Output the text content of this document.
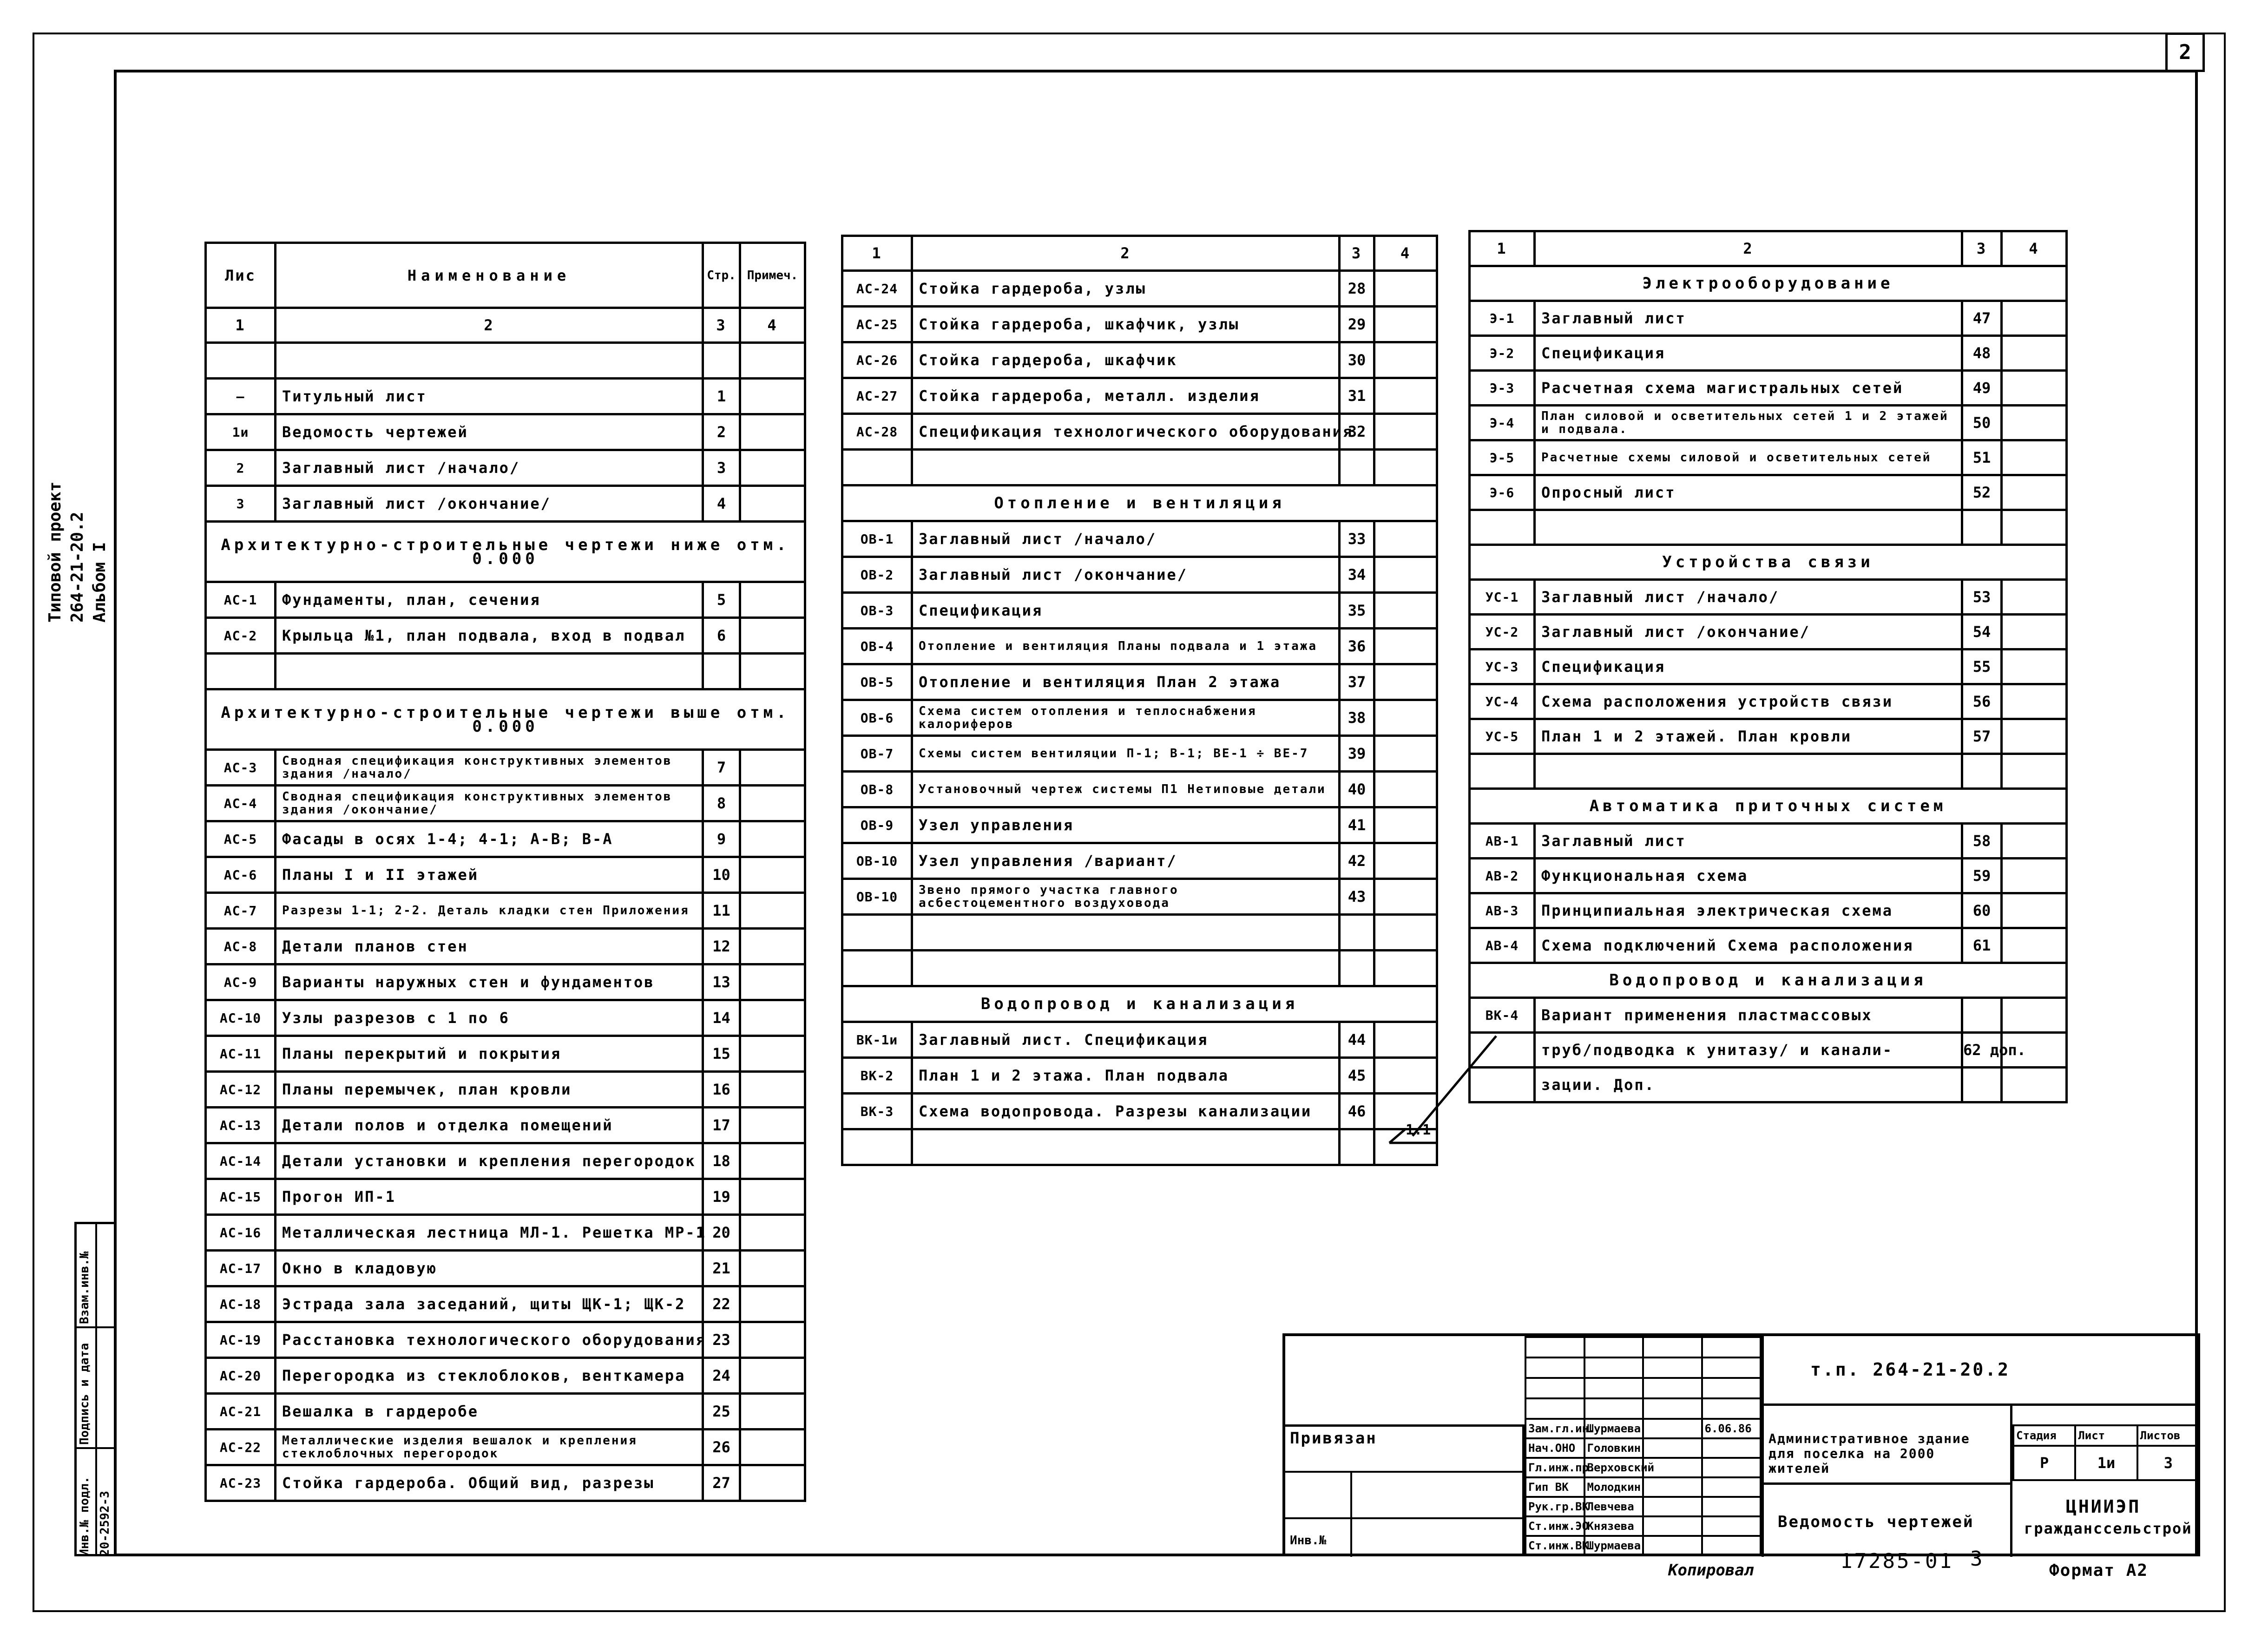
2
Типовой проект 264-21-20.2 Альбом I
Инв.№ подл. 20-2592-3
Подпись и дата
Взам.инв.№
Лис	Наименование	Стр.	Примеч.
1	2	3	4

—	Титульный лист	1	
1и	Ведомость чертежей	2	
2	Заглавный лист /начало/	3	
3	Заглавный лист /окончание/	4	
Архитектурно-строительные чертежи ниже отм. 0.000			
АС-1	Фундаменты, план, сечения	5	
АС-2	Крыльца №1, план подвала, вход в подвал	6	

Архитектурно-строительные чертежи выше отм. 0.000			
АС-3	Сводная спецификация конструктивных элементов здания /начало/	7	
АС-4	Сводная спецификация конструктивных элементов здания /окончание/	8	
АС-5	Фасады в осях 1-4; 4-1; А-В; В-А	9	
АС-6	Планы I и II этажей	10	
АС-7	Разрезы 1-1; 2-2. Деталь кладки стен Приложения	11	
АС-8	Детали планов стен	12	
АС-9	Варианты наружных стен и фундаментов	13	
АС-10	Узлы разрезов с 1 по 6	14	
АС-11	Планы перекрытий и покрытия	15	
АС-12	Планы перемычек, план кровли	16	
АС-13	Детали полов и отделка помещений	17	
АС-14	Детали установки и крепления перегородок	18	
АС-15	Прогон ИП-1	19	
АС-16	Металлическая лестница МЛ-1. Решетка МР-1	20	
АС-17	Окно в кладовую	21	
АС-18	Эстрада зала заседаний, щиты ЩК-1; ЩК-2	22	
АС-19	Расстановка технологического оборудования	23	
АС-20	Перегородка из стеклоблоков, венткамера	24	
АС-21	Вешалка в гардеробе	25	
АС-22	Металлические изделия вешалок и крепления стеклоблочных перегородок	26	
АС-23	Стойка гардероба. Общий вид, разрезы	27	
1	2	3	4
АС-24	Стойка гардероба, узлы	28	
АС-25	Стойка гардероба, шкафчик, узлы	29	
АС-26	Стойка гардероба, шкафчик	30	
АС-27	Стойка гардероба, металл. изделия	31	
АС-28	Спецификация технологического оборудования	32	

Отопление и вентиляция			
ОВ-1	Заглавный лист /начало/	33	
ОВ-2	Заглавный лист /окончание/	34	
ОВ-3	Спецификация	35	
ОВ-4	Отопление и вентиляция Планы подвала и 1 этажа	36	
ОВ-5	Отопление и вентиляция План 2 этажа	37	
ОВ-6	Схема систем отопления и теплоснабжения калориферов	38	
ОВ-7	Схемы систем вентиляции П-1; В-1; ВЕ-1 ÷ ВЕ-7	39	
ОВ-8	Установочный чертеж системы П1 Нетиповые детали	40	
ОВ-9	Узел управления	41	
ОВ-10	Узел управления /вариант/	42	
ОВ-10	Звено прямого участка главного асбестоцементного воздуховода	43	

Водопровод и канализация			
ВК-1и	Заглавный лист. Спецификация	44	
ВК-2	План 1 и 2 этажа. План подвала	45	
ВК-3	Схема водопровода. Разрезы канализации	46	

1	2	3	4
Электрооборудование			
Э-1	Заглавный лист	47	
Э-2	Спецификация	48	
Э-3	Расчетная схема магистральных сетей	49	
Э-4	План силовой и осветительных сетей 1 и 2 этажей и подвала.	50	
Э-5	Расчетные схемы силовой и осветительных сетей	51	
Э-6	Опросный лист	52	

Устройства связи			
УС-1	Заглавный лист /начало/	53	
УС-2	Заглавный лист /окончание/	54	
УС-3	Спецификация	55	
УС-4	Схема расположения устройств связи	56	
УС-5	План 1 и 2 этажей. План кровли	57	

Автоматика приточных систем			
АВ-1	Заглавный лист	58	
АВ-2	Функциональная схема	59	
АВ-3	Принципиальная электрическая схема	60	
АВ-4	Схема подключений Схема расположения	61	
Водопровод и канализация			
ВК-4	Вариант применения пластмассовых		
	труб/подводка к унитазу/ и канали-	62 доп.	
	зации. Доп.		
1.1
Привязан
Инв.№

Зам.гл.ин.	Шурмаева		6.06.86
Нач.ОНО	Головкин		
Гл.инж.пр.	Верховский		
Гип ВК	Молодкин		
Рук.гр.ВК	Левчева		
Ст.инж.ЭО	Князева		
Ст.инж.ВК	Шурмаева		
т.п. 264-21-20.2
Административное здание для поселка на 2000 жителей
Ведомость чертежей
Стадия	Лист	Листов
Р	1и	3
ЦНИИЭП
гражданссельстрой
Копировал	17285-01 3	Формат А2
